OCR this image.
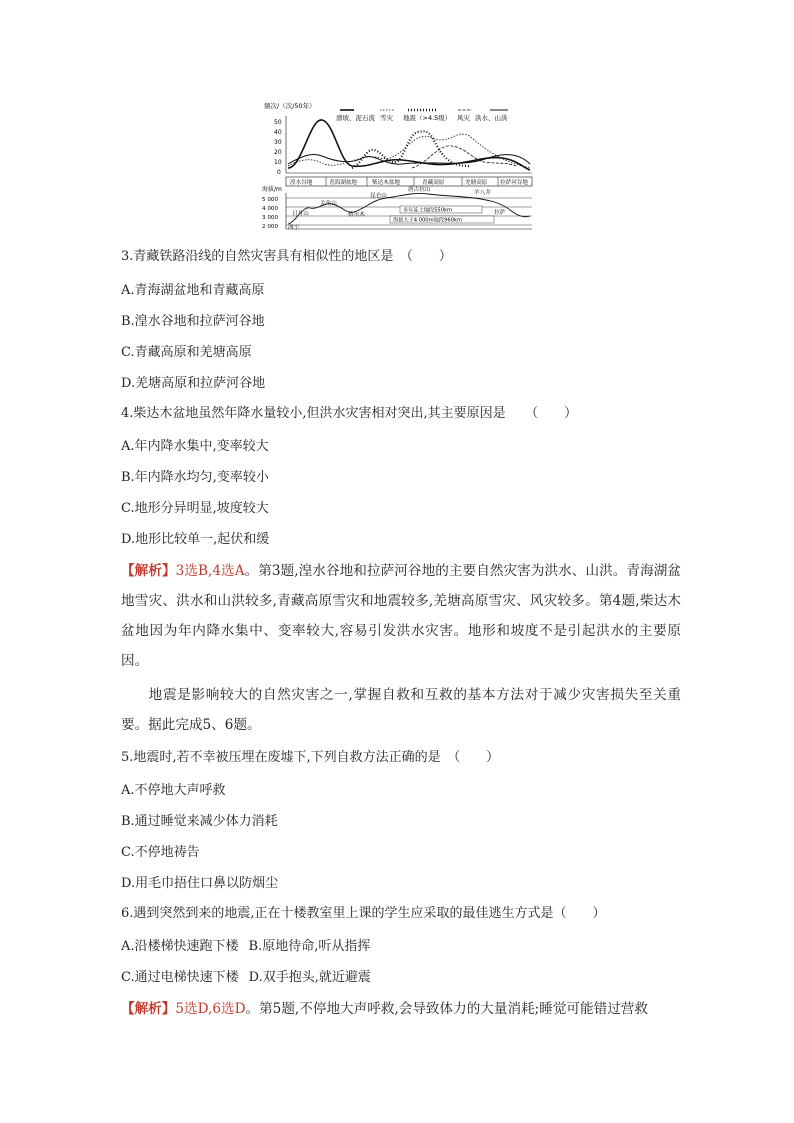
频次/（次/50年）
滑坡、泥石流 雪灾 地震（>4.5级） 风灾 洪水、山洪
50
40
30
20
10
0
湟水谷地	青海湖盆地	柴达木盆地	青藏高原	羌塘高原 拉萨河谷地
海拔/m
5 000
4 000
3 000
2 000
日月山
关角山
昆仑山
唐古拉山	羊八井
西宁
格尔木	拉萨
多年冻土地段550km
海拔大于4 000m地段960km
3.青藏铁路沿线的自然灾害具有相似性的地区是　（　　）
A.青海湖盆地和青藏高原
B.湟水谷地和拉萨河谷地
C.青藏高原和羌塘高原
D.羌塘高原和拉萨河谷地
4.柴达木盆地虽然年降水量较小,但洪水灾害相对突出,其主要原因是　　（　　）
A.年内降水集中,变率较大
B.年内降水均匀,变率较小
C.地形分异明显,坡度较大
D.地形比较单一,起伏和缓
【解析】3选B,4选A。第3题,湟水谷地和拉萨河谷地的主要自然灾害为洪水、山洪。青海湖盆地雪灾、洪水和山洪较多,青藏高原雪灾和地震较多,羌塘高原雪灾、风灾较多。第4题,柴达木盆地因为年内降水集中、变率较大,容易引发洪水灾害。地形和坡度不是引起洪水的主要原因。
地震是影响较大的自然灾害之一,掌握自救和互救的基本方法对于减少灾害损失至关重要。据此完成5、6题。
5.地震时,若不幸被压埋在废墟下,下列自救方法正确的是　（　　）
A.不停地大声呼救
B.通过睡觉来减少体力消耗
C.不停地祷告
D.用毛巾捂住口鼻以防烟尘
6.遇到突然到来的地震,正在十楼教室里上课的学生应采取的最佳逃生方式是（　　）
A.沿楼梯快速跑下楼 B.原地待命,听从指挥
C.通过电梯快速下楼 D.双手抱头,就近避震
【解析】5选D,6选D。第5题,不停地大声呼救,会导致体力的大量消耗;睡觉可能错过营救
